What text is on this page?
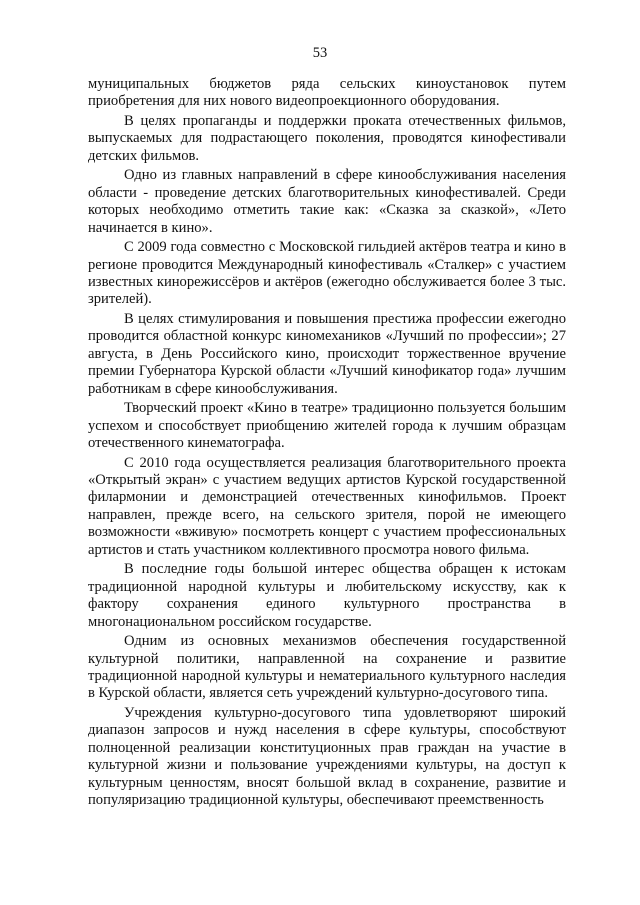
53

муниципальных бюджетов ряда сельских киноустановок путем приобретения для них нового видеопроекционного оборудования.

В целях пропаганды и поддержки проката отечественных фильмов, выпускаемых для подрастающего поколения, проводятся кинофестивали детских фильмов.

Одно из главных направлений в сфере кинообслуживания населения области - проведение детских благотворительных кинофестивалей. Среди которых необходимо отметить такие как: «Сказка за сказкой», «Лето начинается в кино».

С 2009 года совместно с Московской гильдией актёров театра и кино в регионе проводится Международный кинофестиваль «Сталкер» с участием известных кинорежиссёров и актёров (ежегодно обслуживается более 3 тыс. зрителей).

В целях стимулирования и повышения престижа профессии ежегодно проводится областной конкурс киномехаников «Лучший по профессии»; 27 августа, в День Российского кино, происходит торжественное вручение премии Губернатора Курской области «Лучший кинофикатор года» лучшим работникам в сфере кинообслуживания.

Творческий проект «Кино в театре» традиционно пользуется большим успехом и способствует приобщению жителей города к лучшим образцам отечественного кинематографа.

С 2010 года осуществляется реализация благотворительного проекта «Открытый экран» с участием ведущих артистов Курской государственной филармонии и демонстрацией отечественных кинофильмов. Проект направлен, прежде всего, на сельского зрителя, порой не имеющего возможности «вживую» посмотреть концерт с участием профессиональных артистов и стать участником коллективного просмотра нового фильма.

В последние годы большой интерес общества обращен к истокам традиционной народной культуры и любительскому искусству, как к фактору сохранения единого культурного пространства в многонациональном российском государстве.

Одним из основных механизмов обеспечения государственной культурной политики, направленной на сохранение и развитие традиционной народной культуры и нематериального культурного наследия в Курской области, является сеть учреждений культурно-досугового типа.

Учреждения культурно-досугового типа удовлетворяют широкий диапазон запросов и нужд населения в сфере культуры, способствуют полноценной реализации конституционных прав граждан на участие в культурной жизни и пользование учреждениями культуры, на доступ к культурным ценностям, вносят большой вклад в сохранение, развитие и популяризацию традиционной культуры, обеспечивают преемственность
